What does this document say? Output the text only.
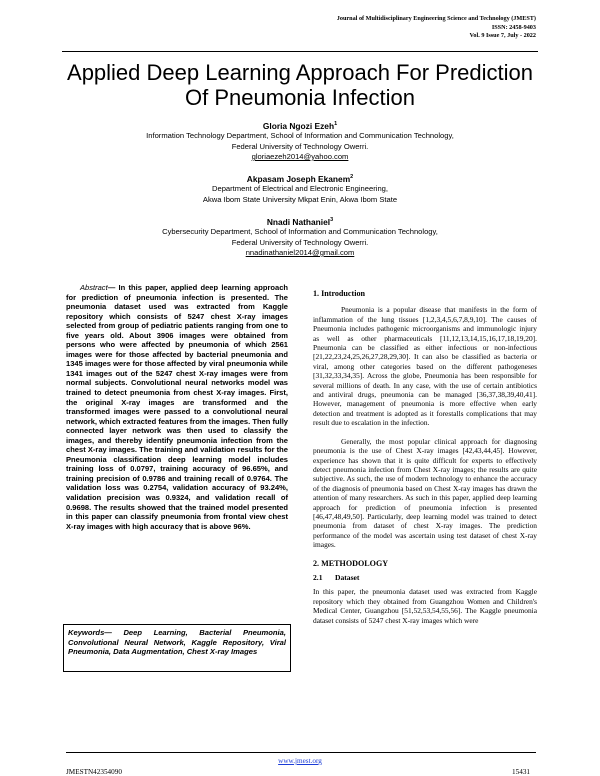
Journal of Multidisciplinary Engineering Science and Technology (JMEST)
ISSN: 2458-9403
Vol. 9 Issue 7, July - 2022
Applied Deep Learning Approach For Prediction
Of Pneumonia Infection
Gloria Ngozi Ezeh$^1$
Information Technology Department, School of Information and Communication Technology,
Federal University of Technology Owerri.
gloriaezeh2014@yahoo.com
Akpasam Joseph Ekanem$^2$
Department of Electrical and Electronic Engineering,
Akwa Ibom State University Mkpat Enin, Akwa Ibom State
Nnadi Nathaniel$^3$
Cybersecurity Department, School of Information and Communication Technology,
Federal University of Technology Owerri.
nnadinathaniel2014@gmail.com
Abstract— In this paper, applied deep learning approach for prediction of pneumonia infection is presented. The pneumonia dataset used was extracted from Kaggle repository which consists of 5247 chest X-ray images selected from group of pediatric patients ranging from one to five years old. About 3906 images were obtained from persons who were affected by pneumonia of which 2561 images were for those affected by bacterial pneumonia and 1345 images were for those affected by viral pneumonia while 1341 images out of the 5247 chest X-ray images were from normal subjects. Convolutional neural networks model was trained to detect pneumonia from chest X-ray images. First, the original X-ray images are transformed and the transformed images were passed to a convolutional neural network, which extracted features from the images. Then fully connected layer network was then used to classify the images, and thereby identify pneumonia infection from the chest X-ray images. The training and validation results for the Pneumonia classification deep learning model includes training loss of 0.0797, training accuracy of 96.65%, and training precision of 0.9786 and training recall of 0.9764. The validation loss was 0.2754, validation accuracy of 93.24%, validation precision was 0.9324, and validation recall of 0.9698. The results showed that the trained model presented in this paper can classify pneumonia from frontal view chest X-ray images with high accuracy that is above 96%.
Keywords— Deep Learning, Bacterial Pneumonia, Convolutional Neural Network, Kaggle Repository, Viral Pneumonia, Data Augmentation, Chest X-ray Images
1. Introduction

Pneumonia is a popular disease that manifests in the form of inflammation of the lung tissues [1,2,3,4,5,6,7,8,9,10]. The causes of Pneumonia includes pathogenic microorganisms and immunologic injury as well as other pharmaceuticals [11,12,13,14,15,16,17,18,19,20]. Pneumonia can be classified as either infectious or non-infectious [21,22,23,24,25,26,27,28,29,30]. It can also be classified as bacteria or viral, among other categories based on the different pathogeneses [31,32,33,34,35]. Across the globe, Pneumonia has been responsible for several millions of death. In any case, with the use of certain antibiotics and antiviral drugs, pneumonia can be managed [36,37,38,39,40,41]. However, management of pneumonia is more effective when early detection and treatment is adopted as it forestalls complications that may result due to escalation in the infection.

Generally, the most popular clinical approach for diagnosing pneumonia is the use of Chest X-ray images [42,43,44,45]. However, experience has shown that it is quite difficult for experts to effectively detect pneumonia infection from Chest X-ray images; the results are quite subjective. As such, the use of modern technology to enhance the accuracy of the diagnosis of pneumonia based on Chest X-ray images has drawn the attention of many researchers. As such in this paper, applied deep learning approach for prediction of pneumonia infection is presented [46,47,48,49,50]. Particularly, deep learning model was trained to detect pneumonia from dataset of chest X-ray images. The prediction performance of the model was ascertain using test dataset of chest X-ray images.

2. METHODOLOGY
2.1 Dataset

In this paper, the pneumonia dataset used was extracted from Kaggle repository which they obtained from Guangzhou Women and Children's Medical Center, Guangzhou [51,52,53,54,55,56]. The Kaggle pneumonia dataset consists of 5247 chest X-ray images which were

www.jmest.org
JMESTN42354090	15431
